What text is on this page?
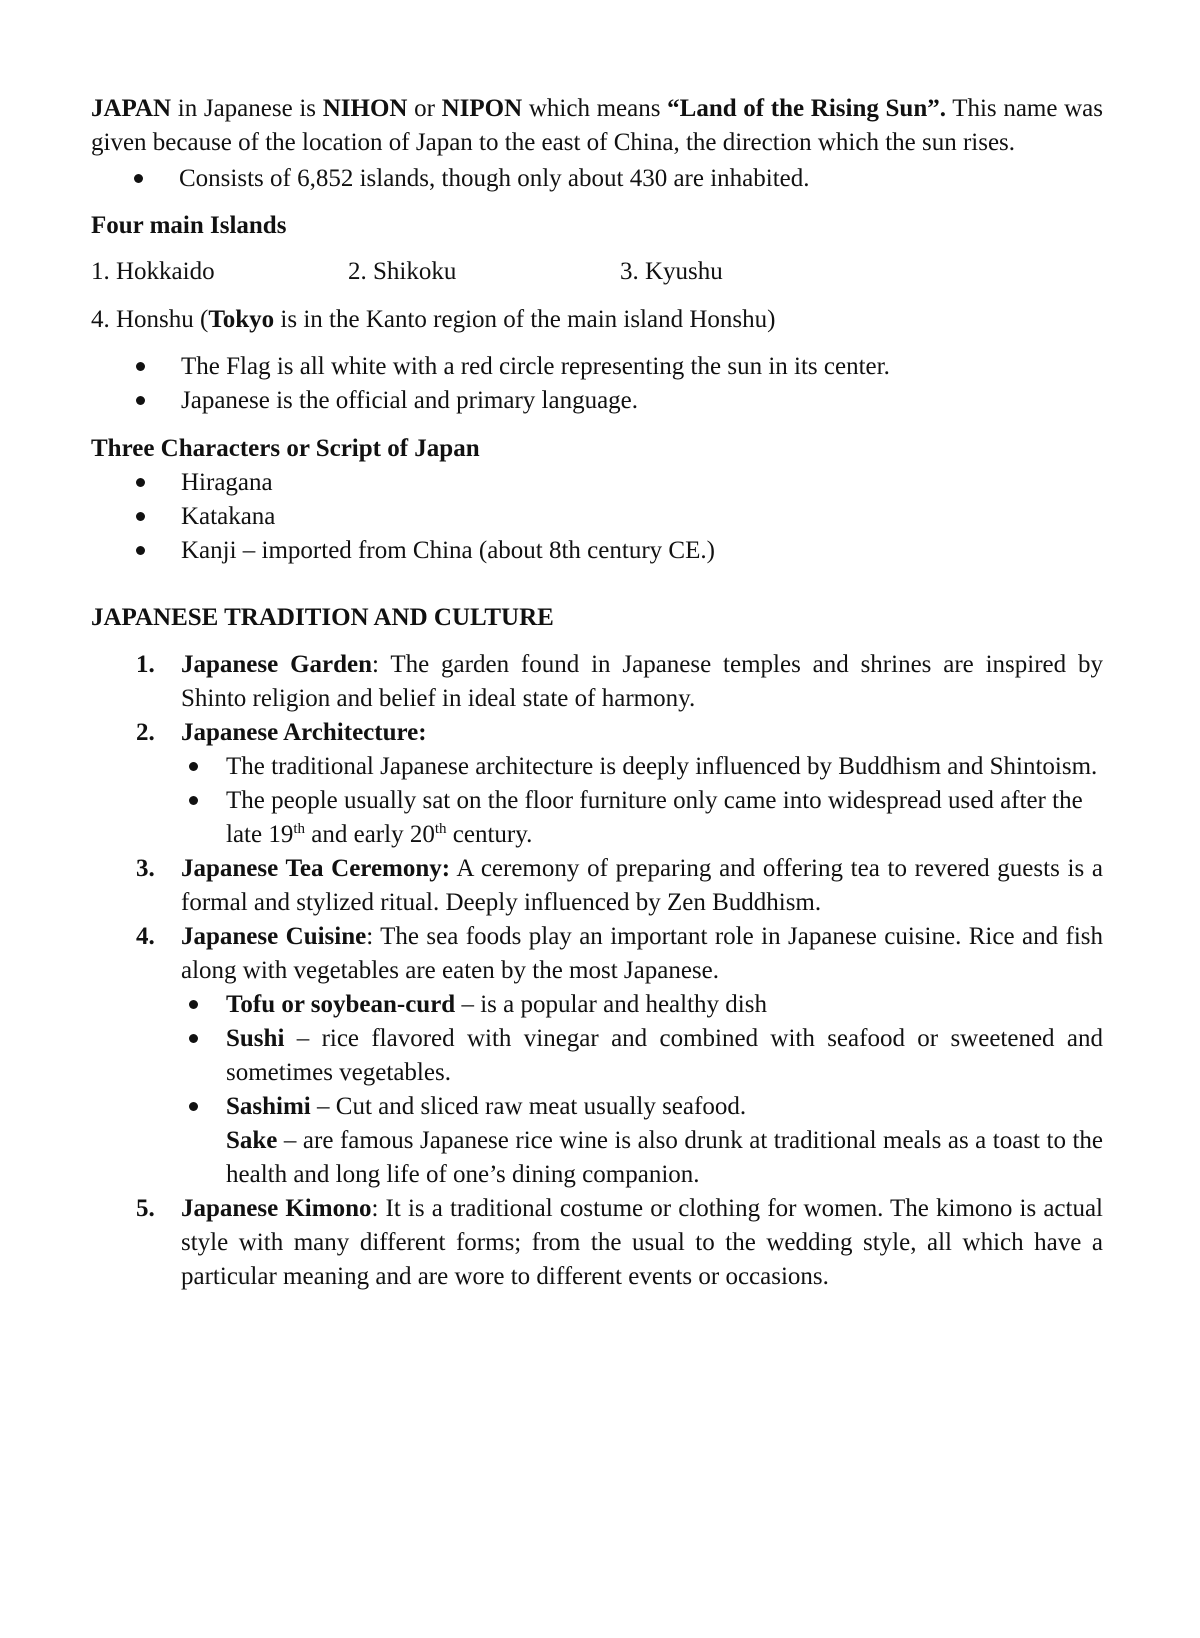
JAPAN in Japanese is NIHON or NIPON which means “Land of the Rising Sun”. This name was given because of the location of Japan to the east of China, the direction which the sun rises.

Consists of 6,852 islands, though only about 430 are inhabited.

Four main Islands

1. Hokkaido	2. Shikoku	3. Kyushu

4. Honshu (Tokyo is in the Kanto region of the main island Honshu)

The Flag is all white with a red circle representing the sun in its center.
Japanese is the official and primary language.

Three Characters or Script of Japan

Hiragana
Katakana
Kanji – imported from China (about 8th century CE.)

JAPANESE TRADITION AND CULTURE

1. Japanese Garden: The garden found in Japanese temples and shrines are inspired by Shinto religion and belief in ideal state of harmony.
2. Japanese Architecture:
The traditional Japanese architecture is deeply influenced by Buddhism and Shintoism.
The people usually sat on the floor furniture only came into widespread used after the late 19th and early 20th century.
3. Japanese Tea Ceremony: A ceremony of preparing and offering tea to revered guests is a formal and stylized ritual. Deeply influenced by Zen Buddhism.
4. Japanese Cuisine: The sea foods play an important role in Japanese cuisine. Rice and fish along with vegetables are eaten by the most Japanese.

Tofu or soybean-curd – is a popular and healthy dish
Sushi – rice flavored with vinegar and combined with seafood or sweetened and sometimes vegetables.
Sashimi – Cut and sliced raw meat usually seafood.
Sake – are famous Japanese rice wine is also drunk at traditional meals as a toast to the health and long life of one’s dining companion.
5. Japanese Kimono: It is a traditional costume or clothing for women. The kimono is actual style with many different forms; from the usual to the wedding style, all which have a particular meaning and are wore to different events or occasions.
